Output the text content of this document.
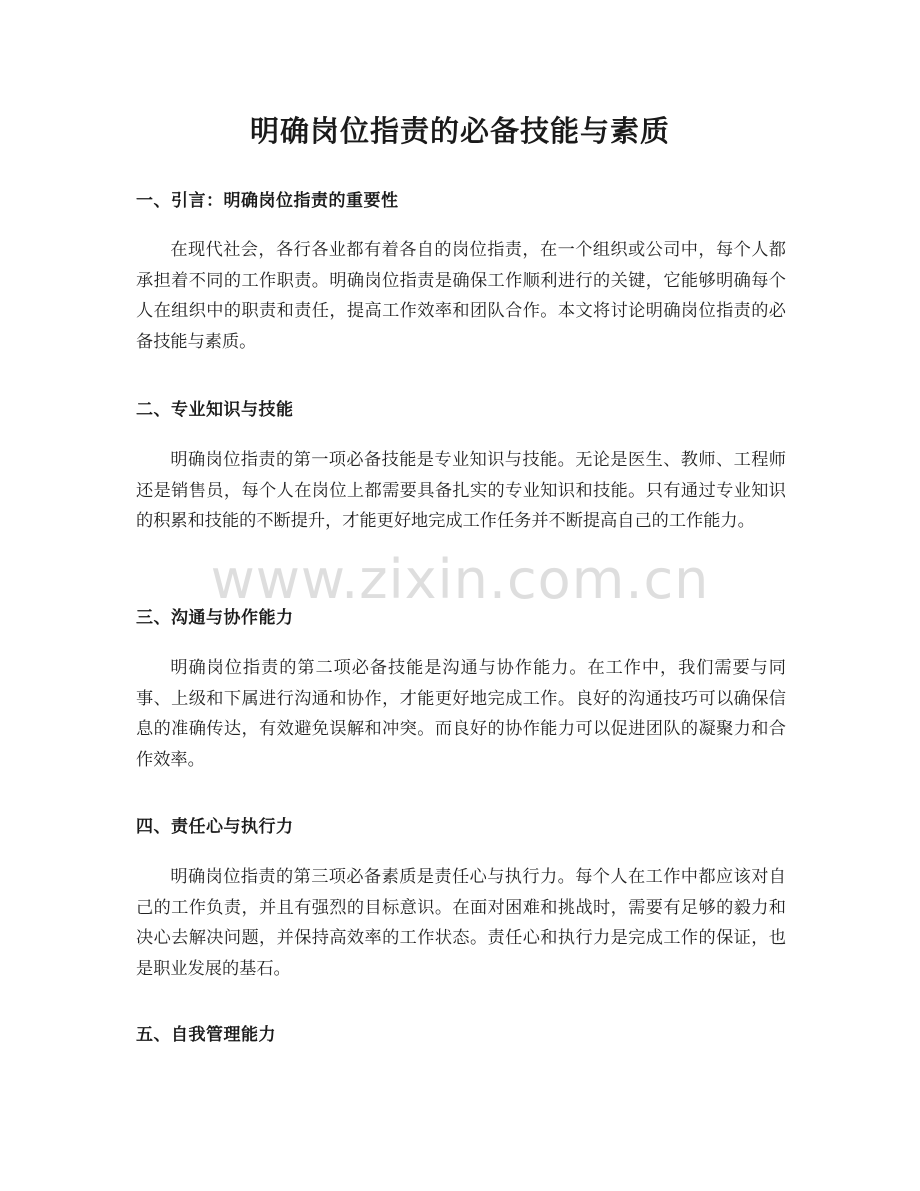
明确岗位指责的必备技能与素质
一、引言：明确岗位指责的重要性

在现代社会，各行各业都有着各自的岗位指责，在一个组织或公司中，每个人都承担着不同的工作职责。明确岗位指责是确保工作顺利进行的关键，它能够明确每个人在组织中的职责和责任，提高工作效率和团队合作。本文将讨论明确岗位指责的必备技能与素质。

二、专业知识与技能

明确岗位指责的第一项必备技能是专业知识与技能。无论是医生、教师、工程师还是销售员，每个人在岗位上都需要具备扎实的专业知识和技能。只有通过专业知识的积累和技能的不断提升，才能更好地完成工作任务并不断提高自己的工作能力。

三、沟通与协作能力

明确岗位指责的第二项必备技能是沟通与协作能力。在工作中，我们需要与同事、上级和下属进行沟通和协作，才能更好地完成工作。良好的沟通技巧可以确保信息的准确传达，有效避免误解和冲突。而良好的协作能力可以促进团队的凝聚力和合作效率。

四、责任心与执行力

明确岗位指责的第三项必备素质是责任心与执行力。每个人在工作中都应该对自己的工作负责，并且有强烈的目标意识。在面对困难和挑战时，需要有足够的毅力和决心去解决问题，并保持高效率的工作状态。责任心和执行力是完成工作的保证，也是职业发展的基石。

五、自我管理能力
www.zixin.com.cn
